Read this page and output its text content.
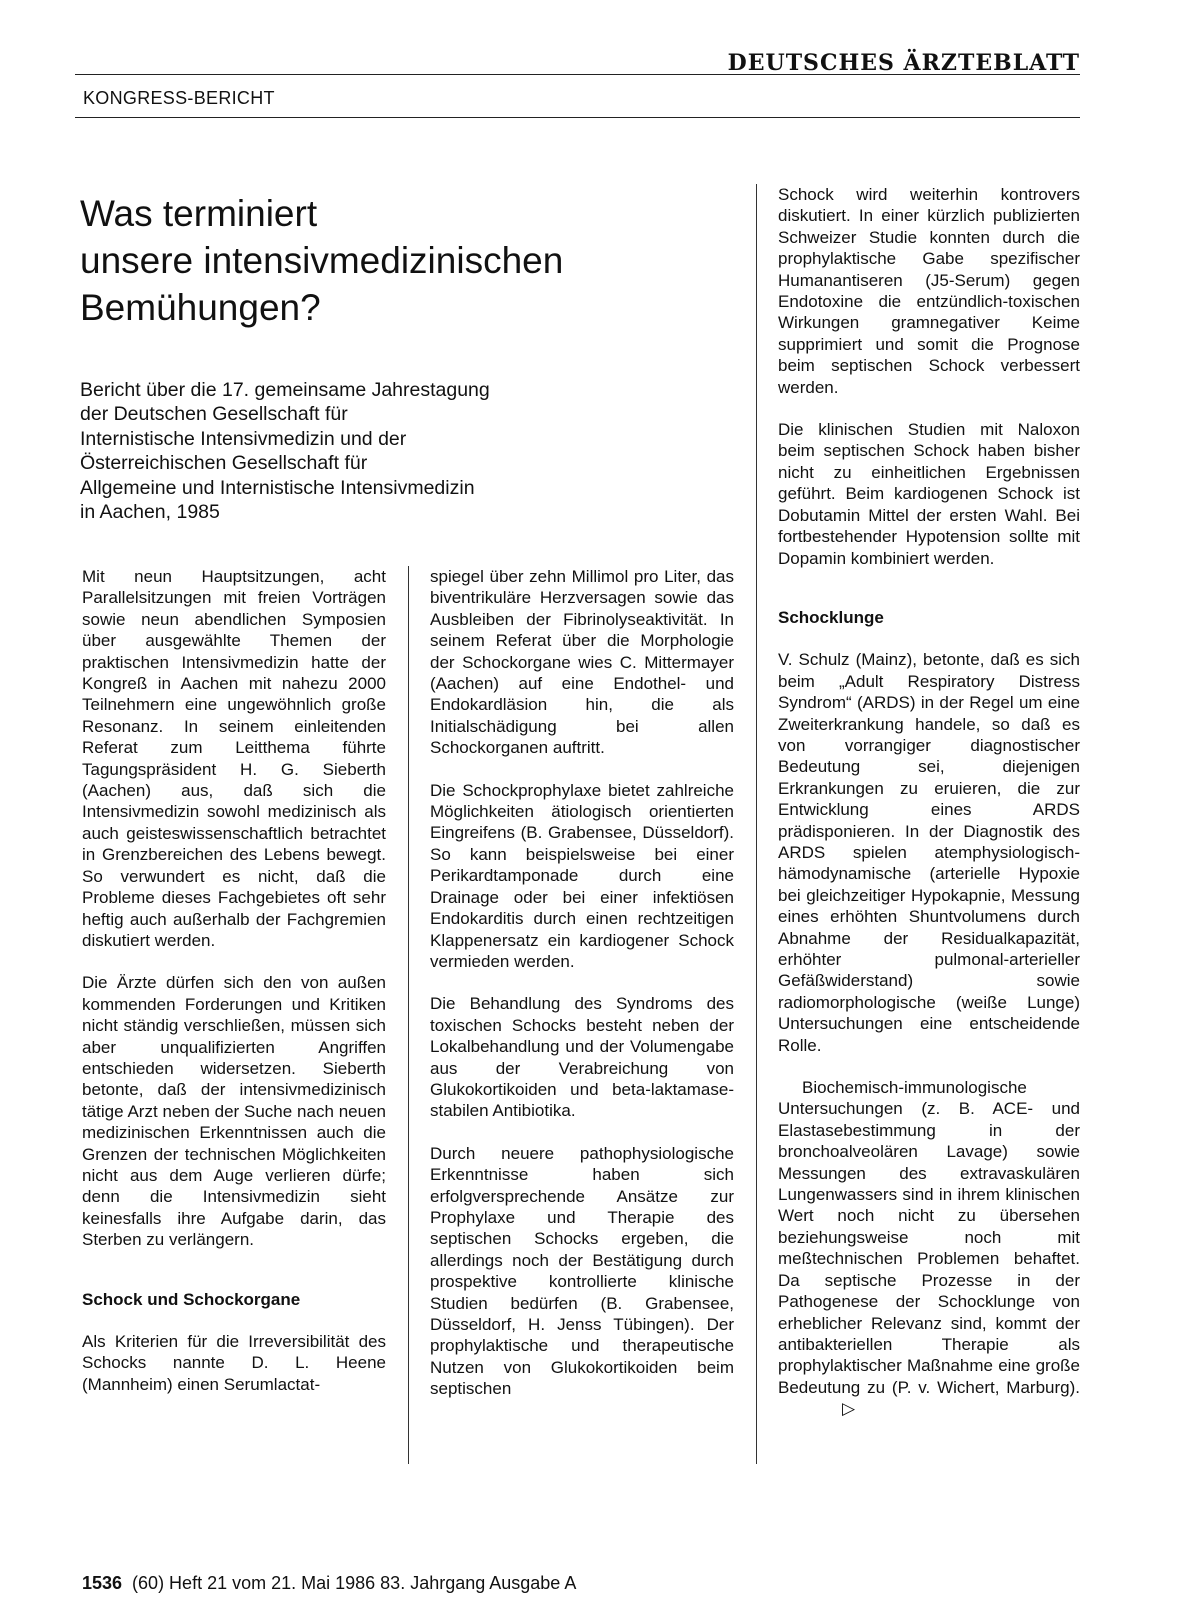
DEUTSCHES ÄRZTEBLATT
KONGRESS-BERICHT
Was terminiert
unsere intensivmedizinischen
Bemühungen?
Bericht über die 17. gemeinsame Jahrestagung
der Deutschen Gesellschaft für
Internistische Intensivmedizin und der
Österreichischen Gesellschaft für
Allgemeine und Internistische Intensivmedizin
in Aachen, 1985

Mit neun Hauptsitzungen, acht Parallelsitzungen mit freien Vorträgen sowie neun abendlichen Symposien über ausgewählte Themen der praktischen Intensivmedizin hatte der Kongreß in Aachen mit nahezu 2000 Teilnehmern eine ungewöhnlich große Resonanz. In seinem einleitenden Referat zum Leitthema führte Tagungspräsident H. G. Sieberth (Aachen) aus, daß sich die Intensivmedizin sowohl medizinisch als auch geisteswissenschaftlich betrachtet in Grenzbereichen des Lebens bewegt. So verwundert es nicht, daß die Probleme dieses Fachgebietes oft sehr heftig auch außerhalb der Fachgremien diskutiert werden.

Die Ärzte dürfen sich den von außen kommenden Forderungen und Kritiken nicht ständig verschließen, müssen sich aber unqualifizierten Angriffen entschieden widersetzen. Sieberth betonte, daß der intensivmedizinisch tätige Arzt neben der Suche nach neuen medizinischen Erkenntnissen auch die Grenzen der technischen Möglichkeiten nicht aus dem Auge verlieren dürfe; denn die Intensivmedizin sieht keinesfalls ihre Aufgabe darin, das Sterben zu verlängern.

Schock und Schockorgane

Als Kriterien für die Irreversibilität des Schocks nannte D. L. Heene (Mannheim) einen Serumlactat-

spiegel über zehn Millimol pro Liter, das biventrikuläre Herzversagen sowie das Ausbleiben der Fibrinolyseaktivität. In seinem Referat über die Morphologie der Schockorgane wies C. Mittermayer (Aachen) auf eine Endothel- und Endokardläsion hin, die als Initialschädigung bei allen Schockorganen auftritt.

Die Schockprophylaxe bietet zahlreiche Möglichkeiten ätiologisch orientierten Eingreifens (B. Grabensee, Düsseldorf). So kann beispielsweise bei einer Perikardtamponade durch eine Drainage oder bei einer infektiösen Endokarditis durch einen rechtzeitigen Klappenersatz ein kardiogener Schock vermieden werden.

Die Behandlung des Syndroms des toxischen Schocks besteht neben der Lokalbehandlung und der Volumengabe aus der Verabreichung von Glukokortikoiden und beta-laktamase-stabilen Antibiotika.

Durch neuere pathophysiologische Erkenntnisse haben sich erfolgversprechende Ansätze zur Prophylaxe und Therapie des septischen Schocks ergeben, die allerdings noch der Bestätigung durch prospektive kontrollierte klinische Studien bedürfen (B. Grabensee, Düsseldorf, H. Jenss Tübingen). Der prophylaktische und therapeutische Nutzen von Glukokortikoiden beim septischen

Schock wird weiterhin kontrovers diskutiert. In einer kürzlich publizierten Schweizer Studie konnten durch die prophylaktische Gabe spezifischer Humanantiseren (J5-Serum) gegen Endotoxine die entzündlich-toxischen Wirkungen gramnegativer Keime supprimiert und somit die Prognose beim septischen Schock verbessert werden.

Die klinischen Studien mit Naloxon beim septischen Schock haben bisher nicht zu einheitlichen Ergebnissen geführt. Beim kardiogenen Schock ist Dobutamin Mittel der ersten Wahl. Bei fortbestehender Hypotension sollte mit Dopamin kombiniert werden.

Schocklunge

V. Schulz (Mainz), betonte, daß es sich beim „Adult Respiratory Distress Syndrom“ (ARDS) in der Regel um eine Zweiterkrankung handele, so daß es von vorrangiger diagnostischer Bedeutung sei, diejenigen Erkrankungen zu eruieren, die zur Entwicklung eines ARDS prädisponieren. In der Diagnostik des ARDS spielen atemphysiologisch-hämodynamische (arterielle Hypoxie bei gleichzeitiger Hypokapnie, Messung eines erhöhten Shuntvolumens durch Abnahme der Residualkapazität, erhöhter pulmonal-arterieller Gefäßwiderstand) sowie radiomorphologische (weiße Lunge) Untersuchungen eine entscheidende Rolle.

Biochemisch-immunologische Untersuchungen (z. B. ACE- und Elastasebestimmung in der bronchoalveolären Lavage) sowie Messungen des extravaskulären Lungenwassers sind in ihrem klinischen Wert noch nicht zu übersehen beziehungsweise noch mit meßtechnischen Problemen behaftet. Da septische Prozesse in der Pathogenese der Schocklunge von erheblicher Relevanz sind, kommt der antibakteriellen Therapie als prophylaktischer Maßnahme eine große Bedeutung zu (P. v. Wichert, Marburg).▷

1536 (60) Heft 21 vom 21. Mai 1986 83. Jahrgang Ausgabe A
